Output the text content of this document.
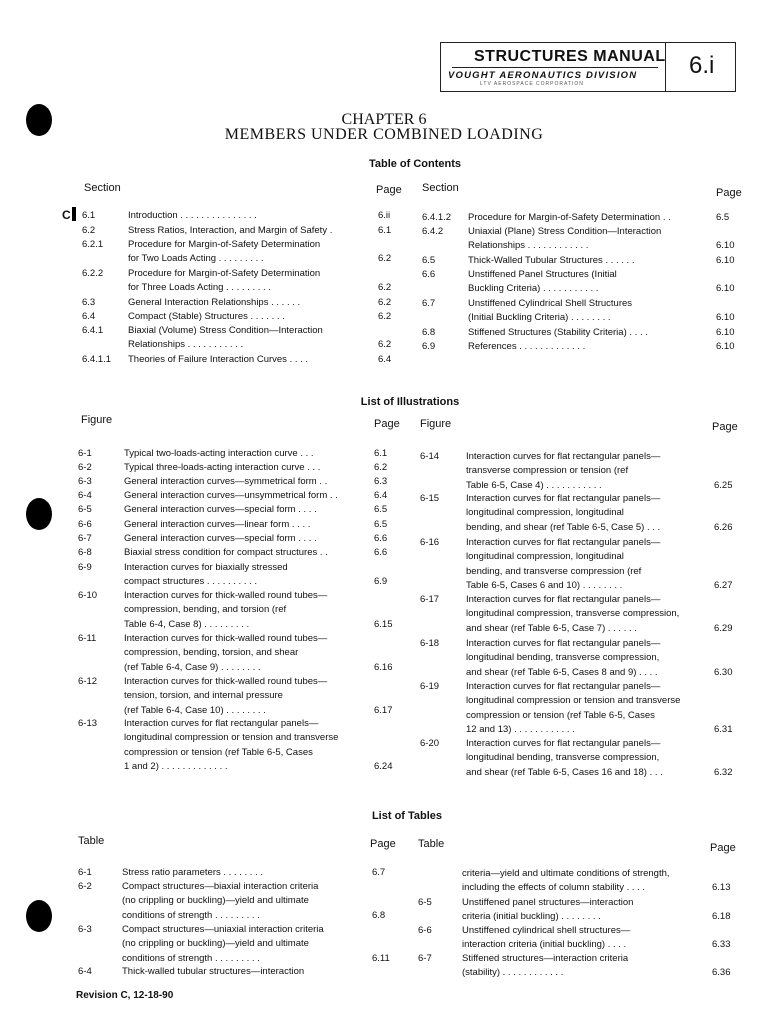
STRUCTURES MANUAL
VOUGHT AERONAUTICS DIVISION
LTV AEROSPACE CORPORATION
6.i
CHAPTER 6
MEMBERS UNDER COMBINED LOADING
Table of Contents
Section	Page Section	Page
C	6.1	Introduction . . . . . . . . . . . . . . .	6.ii
6.2	Stress Ratios, Interaction, and Margin of Safety .	6.1
6.2.1	Procedure for Margin-of-Safety Determination
for Two Loads Acting . . . . . . . . .	6.2
6.2.2	Procedure for Margin-of-Safety Determination
for Three Loads Acting . . . . . . . . .	6.2
6.3	General Interaction Relationships . . . . . .	6.2
6.4	Compact (Stable) Structures . . . . . . .	6.2
6.4.1	Biaxial (Volume) Stress Condition—Interaction
Relationships . . . . . . . . . . .	6.2
6.4.1.1 Theories of Failure Interaction Curves . . . .	6.4
6.4.1.2 Procedure for Margin-of-Safety Determination . .	6.5
6.4.2	Uniaxial (Plane) Stress Condition—Interaction
Relationships . . . . . . . . . . . .	6.10
6.5	Thick-Walled Tubular Structures . . . . . .	6.10
6.6	Unstiffened Panel Structures (Initial
Buckling Criteria) . . . . . . . . . . .	6.10
6.7	Unstiffened Cylindrical Shell Structures
(Initial Buckling Criteria) . . . . . . . .	6.10
6.8	Stiffened Structures (Stability Criteria) . . . .	6.10
6.9	References . . . . . . . . . . . . .	6.10
List of Illustrations
Figure	Page Figure	Page
6-1	Typical two-loads-acting interaction curve . . .	6.1
6-2	Typical three-loads-acting interaction curve . . .	6.2
6-3	General interaction curves—symmetrical form . .	6.3
6-4	General interaction curves—unsymmetrical form . .	6.4
6-5	General interaction curves—special form . . . .	6.5
6-6	General interaction curves—linear form . . . .	6.5
6-7	General interaction curves—special form . . . .	6.6
6-8	Biaxial stress condition for compact structures . .	6.6
6-9	Interaction curves for biaxially stressed
compact structures . . . . . . . . . .	6.9
6-10	Interaction curves for thick-walled round tubes—
compression, bending, and torsion (ref
Table 6-4, Case 8) . . . . . . . . .	6.15
6-11	Interaction curves for thick-walled round tubes—
compression, bending, torsion, and shear
(ref Table 6-4, Case 9) . . . . . . . .	6.16
6-12	Interaction curves for thick-walled round tubes—
tension, torsion, and internal pressure
(ref Table 6-4, Case 10) . . . . . . . .	6.17
6-13	Interaction curves for flat rectangular panels—
longitudinal compression or tension and transverse
compression or tension (ref Table 6-5, Cases
1 and 2) . . . . . . . . . . . . .	6.24
6-14	Interaction curves for flat rectangular panels—
transverse compression or tension (ref
Table 6-5, Case 4) . . . . . . . . . . .	6.25
6-15	Interaction curves for flat rectangular panels—
longitudinal compression, longitudinal
bending, and shear (ref Table 6-5, Case 5) . . .	6.26
6-16	Interaction curves for flat rectangular panels—
longitudinal compression, longitudinal
bending, and transverse compression (ref
Table 6-5, Cases 6 and 10) . . . . . . . .	6.27
6-17	Interaction curves for flat rectangular panels—
longitudinal compression, transverse compression,
and shear (ref Table 6-5, Case 7) . . . . . .	6.29
6-18	Interaction curves for flat rectangular panels—
longitudinal bending, transverse compression,
and shear (ref Table 6-5, Cases 8 and 9) . . . .	6.30
6-19	Interaction curves for flat rectangular panels—
longitudinal compression or tension and transverse
compression or tension (ref Table 6-5, Cases
12 and 13) . . . . . . . . . . . .	6.31
6-20	Interaction curves for flat rectangular panels—
longitudinal bending, transverse compression,
and shear (ref Table 6-5, Cases 16 and 18) . . .	6.32
List of Tables
Table	Page Table	Page
6-1	Stress ratio parameters . . . . . . . .	6.7
6-2	Compact structures—biaxial interaction criteria
(no crippling or buckling)—yield and ultimate
conditions of strength . . . . . . . . .	6.8
6-3	Compact structures—uniaxial interaction criteria
(no crippling or buckling)—yield and ultimate
conditions of strength . . . . . . . . .	6.11
6-4	Thick-walled tubular structures—interaction
criteria—yield and ultimate conditions of strength,
including the effects of column stability . . . .	6.13
6-5	Unstiffened panel structures—interaction
criteria (initial buckling) . . . . . . . .	6.18
6-6	Unstiffened cylindrical shell structures—
interaction criteria (initial buckling) . . . .	6.33
6-7	Stiffened structures—interaction criteria
(stability) . . . . . . . . . . . .	6.36
Revision C, 12-18-90
